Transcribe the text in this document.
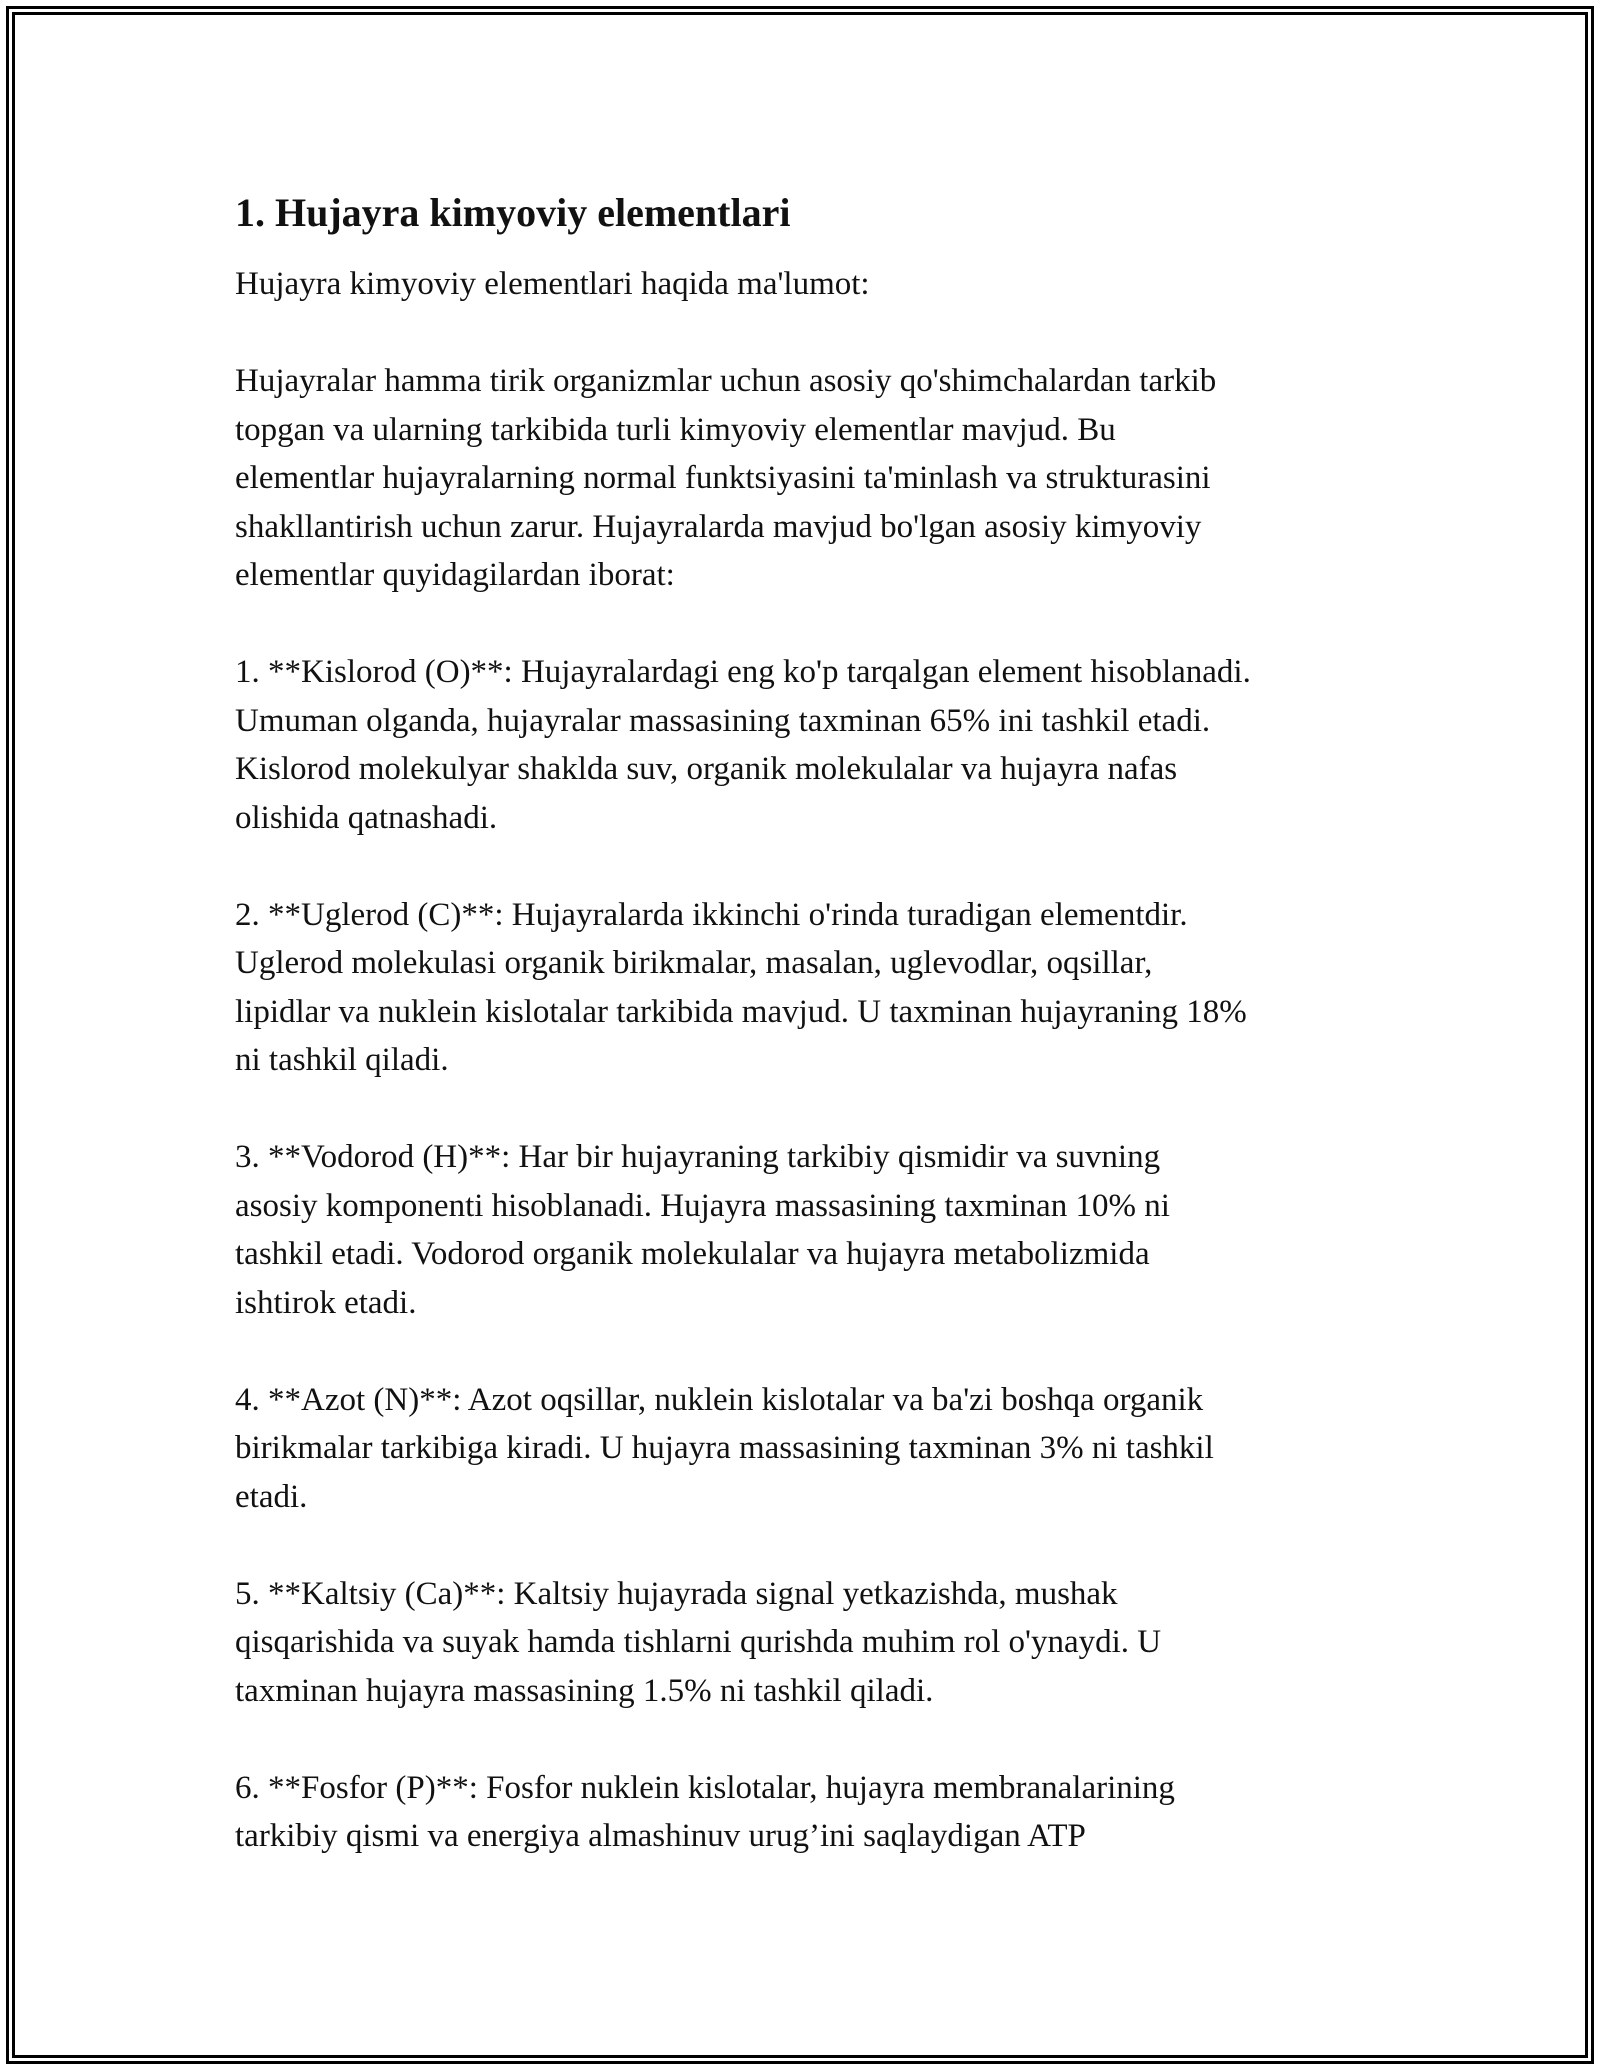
1. Hujayra kimyoviy elementlari

Hujayra kimyoviy elementlari haqida ma'lumot:

Hujayralar hamma tirik organizmlar uchun asosiy qo'shimchalardan tarkib
topgan va ularning tarkibida turli kimyoviy elementlar mavjud. Bu
elementlar hujayralarning normal funktsiyasini ta'minlash va strukturasini
shakllantirish uchun zarur. Hujayralarda mavjud bo'lgan asosiy kimyoviy
elementlar quyidagilardan iborat:

1. **Kislorod (O)**: Hujayralardagi eng ko'p tarqalgan element hisoblanadi.
Umuman olganda, hujayralar massasining taxminan 65% ini tashkil etadi.
Kislorod molekulyar shaklda suv, organik molekulalar va hujayra nafas
olishida qatnashadi.

2. **Uglerod (C)**: Hujayralarda ikkinchi o'rinda turadigan elementdir.
Uglerod molekulasi organik birikmalar, masalan, uglevodlar, oqsillar,
lipidlar va nuklein kislotalar tarkibida mavjud. U taxminan hujayraning 18%
ni tashkil qiladi.

3. **Vodorod (H)**: Har bir hujayraning tarkibiy qismidir va suvning
asosiy komponenti hisoblanadi. Hujayra massasining taxminan 10% ni
tashkil etadi. Vodorod organik molekulalar va hujayra metabolizmida
ishtirok etadi.

4. **Azot (N)**: Azot oqsillar, nuklein kislotalar va ba'zi boshqa organik
birikmalar tarkibiga kiradi. U hujayra massasining taxminan 3% ni tashkil
etadi.

5. **Kaltsiy (Ca)**: Kaltsiy hujayrada signal yetkazishda, mushak
qisqarishida va suyak hamda tishlarni qurishda muhim rol o'ynaydi. U
taxminan hujayra massasining 1.5% ni tashkil qiladi.

6. **Fosfor (P)**: Fosfor nuklein kislotalar, hujayra membranalarining
tarkibiy qismi va energiya almashinuv urug’ini saqlaydigan ATP
